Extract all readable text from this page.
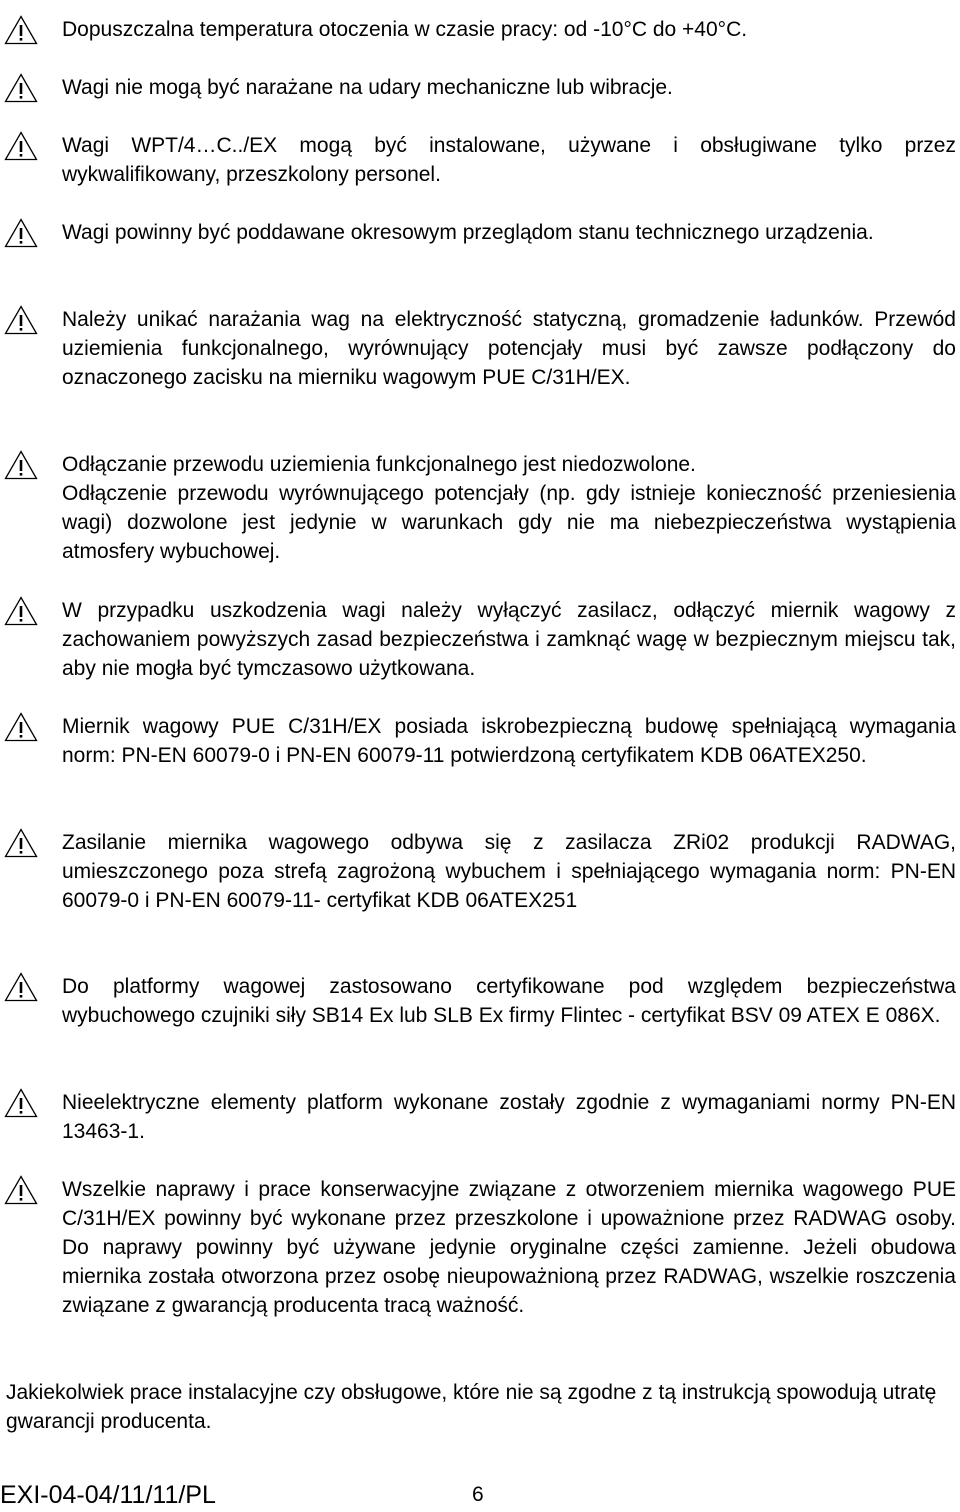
Dopuszczalna temperatura otoczenia w czasie pracy: od -10°C do +40°C.

Wagi nie mogą być narażane na udary mechaniczne lub wibracje.

Wagi WPT/4…C../EX mogą być instalowane, używane i obsługiwane tylko przez wykwalifikowany, przeszkolony personel.

Wagi powinny być poddawane okresowym przeglądom stanu technicznego urządzenia.

Należy unikać narażania wag na elektryczność statyczną, gromadzenie ładunków. Przewód uziemienia funkcjonalnego, wyrównujący potencjały musi być zawsze podłączony do oznaczonego zacisku na mierniku wagowym PUE C/31H/EX.

Odłączanie przewodu uziemienia funkcjonalnego jest niedozwolone.

Odłączenie przewodu wyrównującego potencjały (np. gdy istnieje konieczność przeniesienia wagi) dozwolone jest jedynie w warunkach gdy nie ma niebezpieczeństwa wystąpienia atmosfery wybuchowej.

W przypadku uszkodzenia wagi należy wyłączyć zasilacz, odłączyć miernik wagowy z zachowaniem powyższych zasad bezpieczeństwa i zamknąć wagę w bezpiecznym miejscu tak, aby nie mogła być tymczasowo użytkowana.

Miernik wagowy PUE C/31H/EX posiada iskrobezpieczną budowę spełniającą wymagania norm: PN-EN 60079-0 i PN-EN 60079-11 potwierdzoną certyfikatem KDB 06ATEX250.

Zasilanie miernika wagowego odbywa się z zasilacza ZRi02 produkcji RADWAG, umieszczonego poza strefą zagrożoną wybuchem i spełniającego wymagania norm: PN-EN 60079-0 i PN-EN 60079-11- certyfikat KDB 06ATEX251

Do platformy wagowej zastosowano certyfikowane pod względem bezpieczeństwa wybuchowego czujniki siły SB14 Ex lub SLB Ex firmy Flintec - certyfikat BSV 09 ATEX E 086X.

Nieelektryczne elementy platform wykonane zostały zgodnie z wymaganiami normy PN-EN 13463-1.

Wszelkie naprawy i prace konserwacyjne związane z otworzeniem miernika wagowego PUE C/31H/EX powinny być wykonane przez przeszkolone i upoważnione przez RADWAG osoby. Do naprawy powinny być używane jedynie oryginalne części zamienne. Jeżeli obudowa miernika została otworzona przez osobę nieupoważnioną przez RADWAG, wszelkie roszczenia związane z gwarancją producenta tracą ważność.

Jakiekolwiek prace instalacyjne czy obsługowe, które nie są zgodne z tą instrukcją spowodują utratę gwarancji producenta.

EXI-04-04/11/11/PL	6
